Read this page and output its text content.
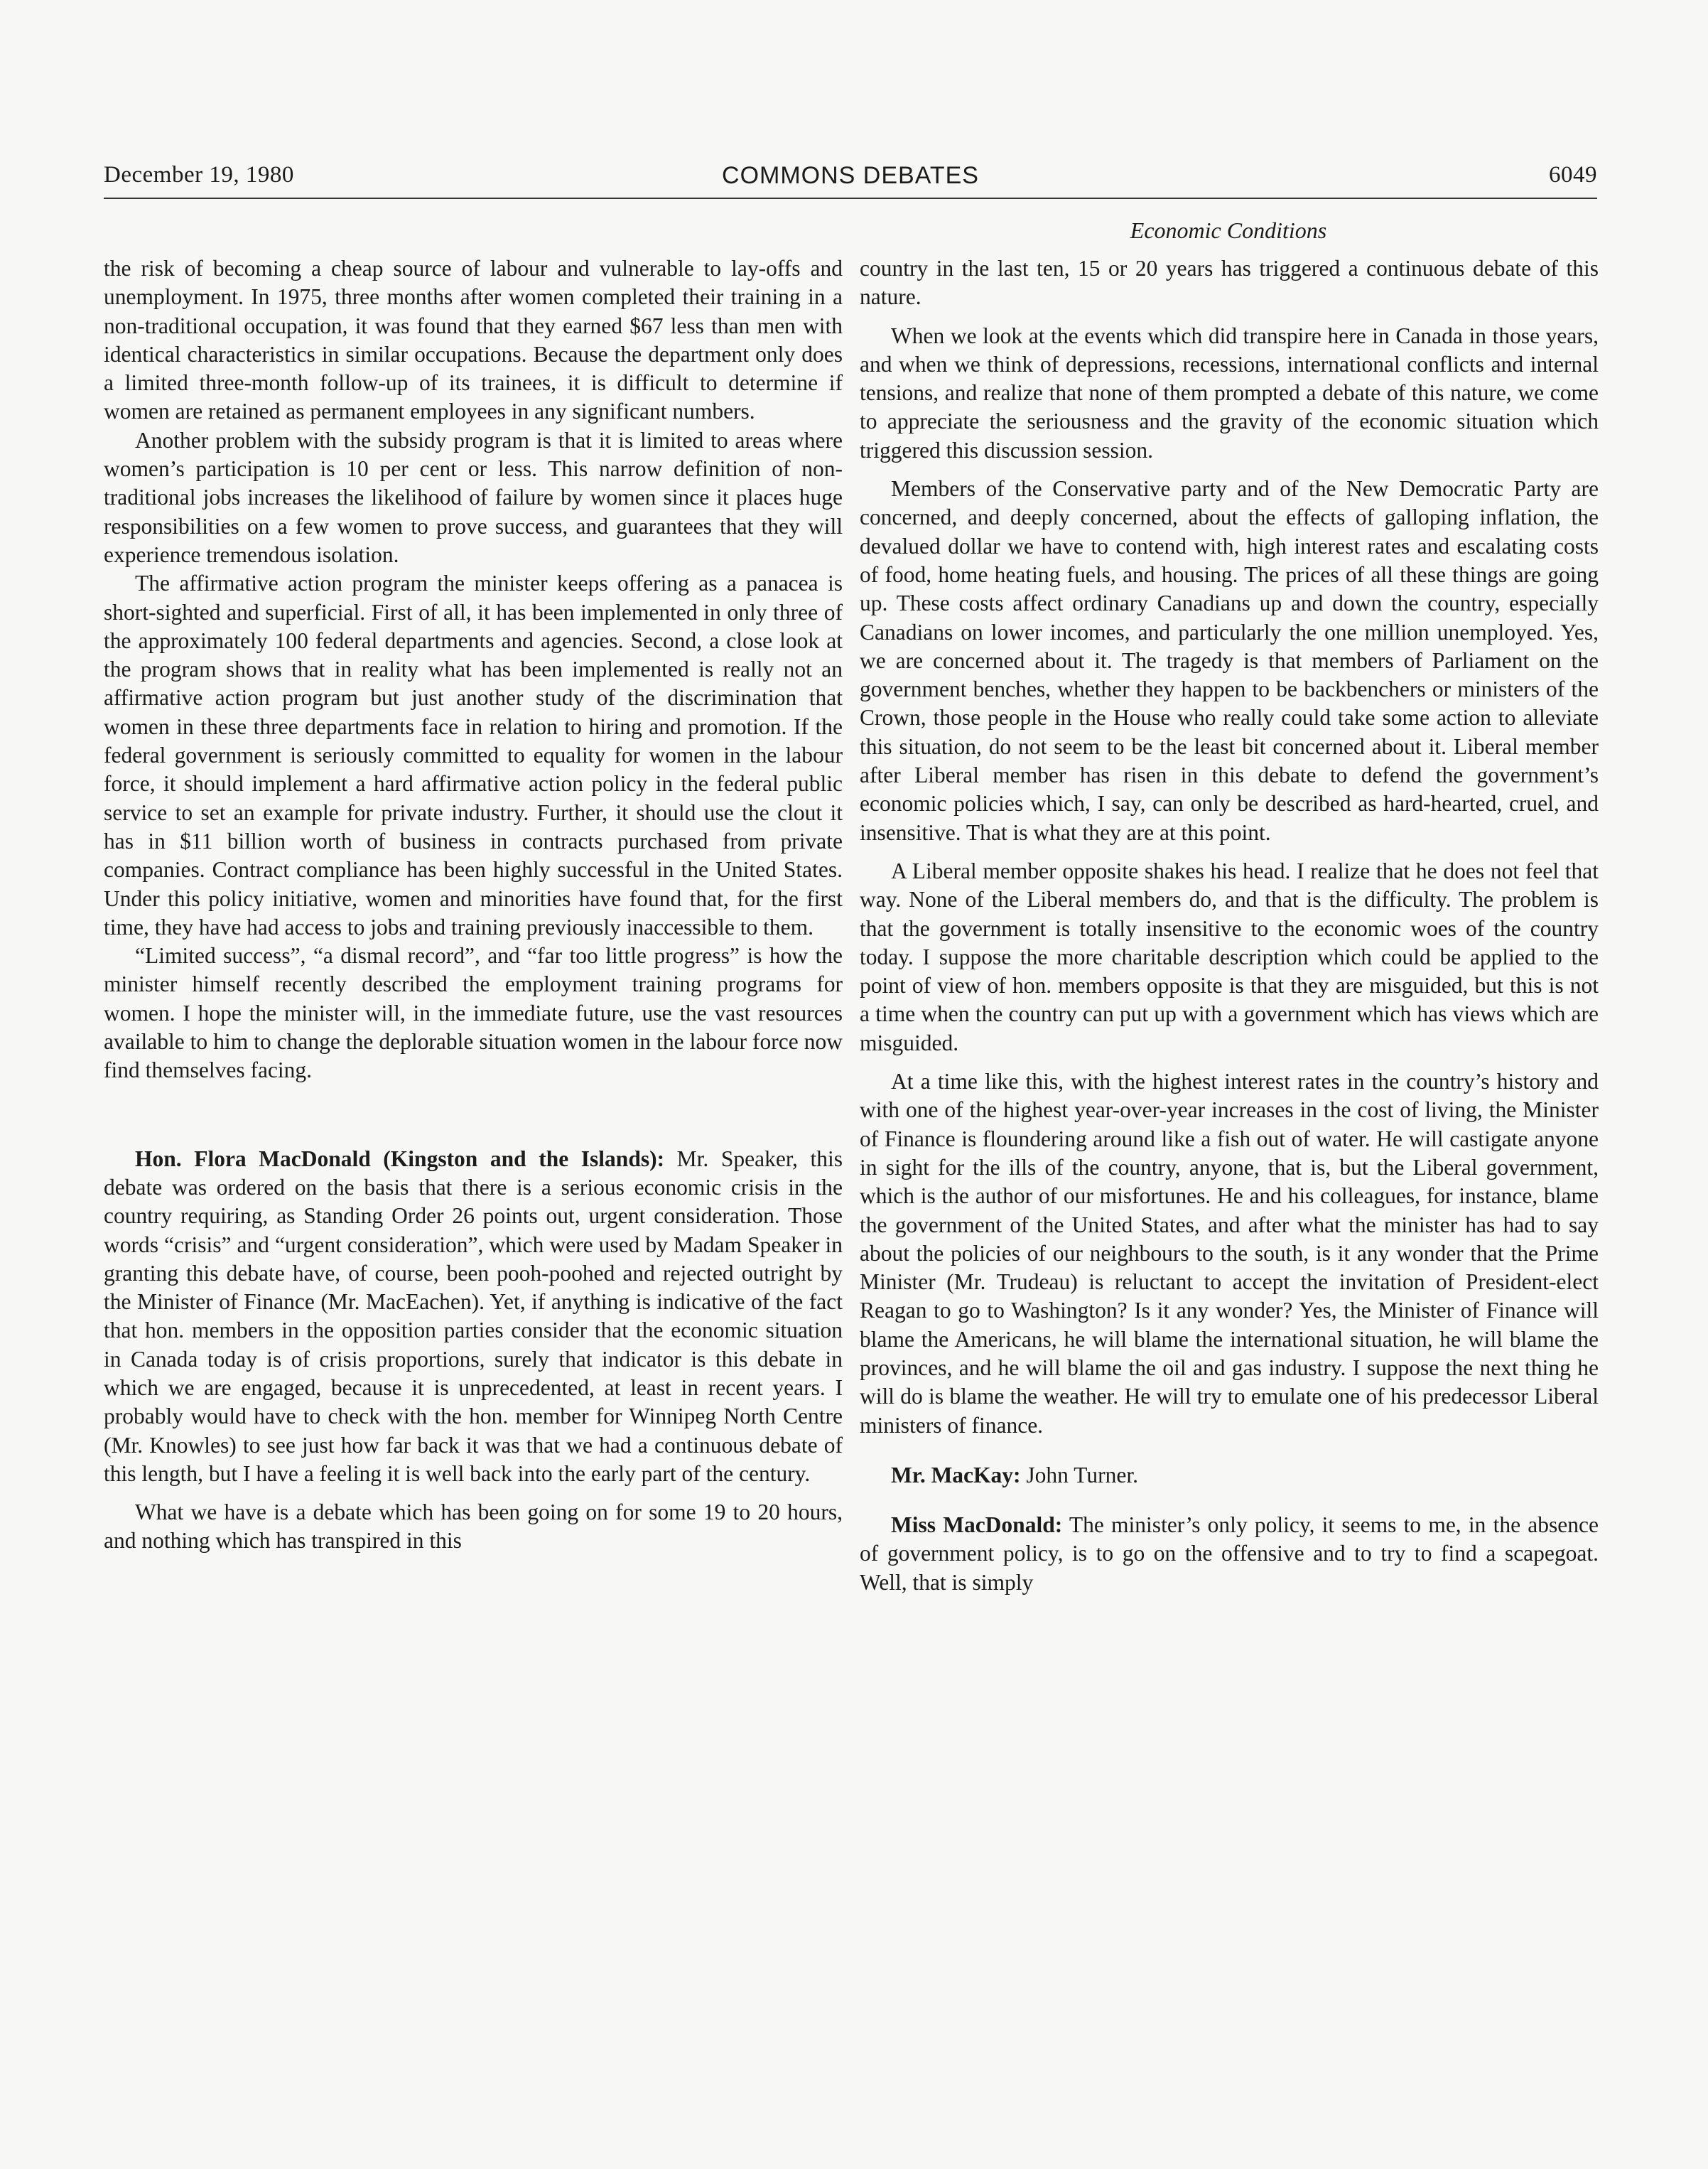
December 19, 1980	COMMONS DEBATES	6049
Economic Conditions

the risk of becoming a cheap source of labour and vulnerable to lay-offs and unemployment. In 1975, three months after women completed their training in a non-traditional occupation, it was found that they earned $67 less than men with identical characteristics in similar occupations. Because the department only does a limited three-month follow-up of its trainees, it is difficult to determine if women are retained as permanent employees in any significant numbers.

Another problem with the subsidy program is that it is limited to areas where women’s participation is 10 per cent or less. This narrow definition of non-traditional jobs increases the likelihood of failure by women since it places huge responsibilities on a few women to prove success, and guarantees that they will experience tremendous isolation.

The affirmative action program the minister keeps offering as a panacea is short-sighted and superficial. First of all, it has been implemented in only three of the approximately 100 federal departments and agencies. Second, a close look at the program shows that in reality what has been implemented is really not an affirmative action program but just another study of the discrimination that women in these three departments face in relation to hiring and promotion. If the federal government is seriously committed to equality for women in the labour force, it should implement a hard affirmative action policy in the federal public service to set an example for private industry. Further, it should use the clout it has in $11 billion worth of business in contracts purchased from private companies. Contract compliance has been highly successful in the United States. Under this policy initiative, women and minorities have found that, for the first time, they have had access to jobs and training previously inaccessible to them.

“Limited success”, “a dismal record”, and “far too little progress” is how the minister himself recently described the employment training programs for women. I hope the minister will, in the immediate future, use the vast resources available to him to change the deplorable situation women in the labour force now find themselves facing.

Hon. Flora MacDonald (Kingston and the Islands): Mr. Speaker, this debate was ordered on the basis that there is a serious economic crisis in the country requiring, as Standing Order 26 points out, urgent consideration. Those words “crisis” and “urgent consideration”, which were used by Madam Speaker in granting this debate have, of course, been pooh-poohed and rejected outright by the Minister of Finance (Mr. MacEachen). Yet, if anything is indicative of the fact that hon. members in the opposition parties consider that the economic situation in Canada today is of crisis proportions, surely that indicator is this debate in which we are engaged, because it is unprecedented, at least in recent years. I probably would have to check with the hon. member for Winnipeg North Centre (Mr. Knowles) to see just how far back it was that we had a continuous debate of this length, but I have a feeling it is well back into the early part of the century.

What we have is a debate which has been going on for some 19 to 20 hours, and nothing which has transpired in this

country in the last ten, 15 or 20 years has triggered a continuous debate of this nature.

When we look at the events which did transpire here in Canada in those years, and when we think of depressions, recessions, international conflicts and internal tensions, and realize that none of them prompted a debate of this nature, we come to appreciate the seriousness and the gravity of the economic situation which triggered this discussion session.

Members of the Conservative party and of the New Democratic Party are concerned, and deeply concerned, about the effects of galloping inflation, the devalued dollar we have to contend with, high interest rates and escalating costs of food, home heating fuels, and housing. The prices of all these things are going up. These costs affect ordinary Canadians up and down the country, especially Canadians on lower incomes, and particularly the one million unemployed. Yes, we are concerned about it. The tragedy is that members of Parliament on the government benches, whether they happen to be backbenchers or ministers of the Crown, those people in the House who really could take some action to alleviate this situation, do not seem to be the least bit concerned about it. Liberal member after Liberal member has risen in this debate to defend the government’s economic policies which, I say, can only be described as hard-hearted, cruel, and insensitive. That is what they are at this point.

A Liberal member opposite shakes his head. I realize that he does not feel that way. None of the Liberal members do, and that is the difficulty. The problem is that the government is totally insensitive to the economic woes of the country today. I suppose the more charitable description which could be applied to the point of view of hon. members opposite is that they are misguided, but this is not a time when the country can put up with a government which has views which are misguided.

At a time like this, with the highest interest rates in the country’s history and with one of the highest year-over-year increases in the cost of living, the Minister of Finance is floundering around like a fish out of water. He will castigate anyone in sight for the ills of the country, anyone, that is, but the Liberal government, which is the author of our misfortunes. He and his colleagues, for instance, blame the government of the United States, and after what the minister has had to say about the policies of our neighbours to the south, is it any wonder that the Prime Minister (Mr. Trudeau) is reluctant to accept the invitation of President-elect Reagan to go to Washington? Is it any wonder? Yes, the Minister of Finance will blame the Americans, he will blame the international situation, he will blame the provinces, and he will blame the oil and gas industry. I suppose the next thing he will do is blame the weather. He will try to emulate one of his predecessor Liberal ministers of finance.

Mr. MacKay: John Turner.

Miss MacDonald: The minister’s only policy, it seems to me, in the absence of government policy, is to go on the offensive and to try to find a scapegoat. Well, that is simply
